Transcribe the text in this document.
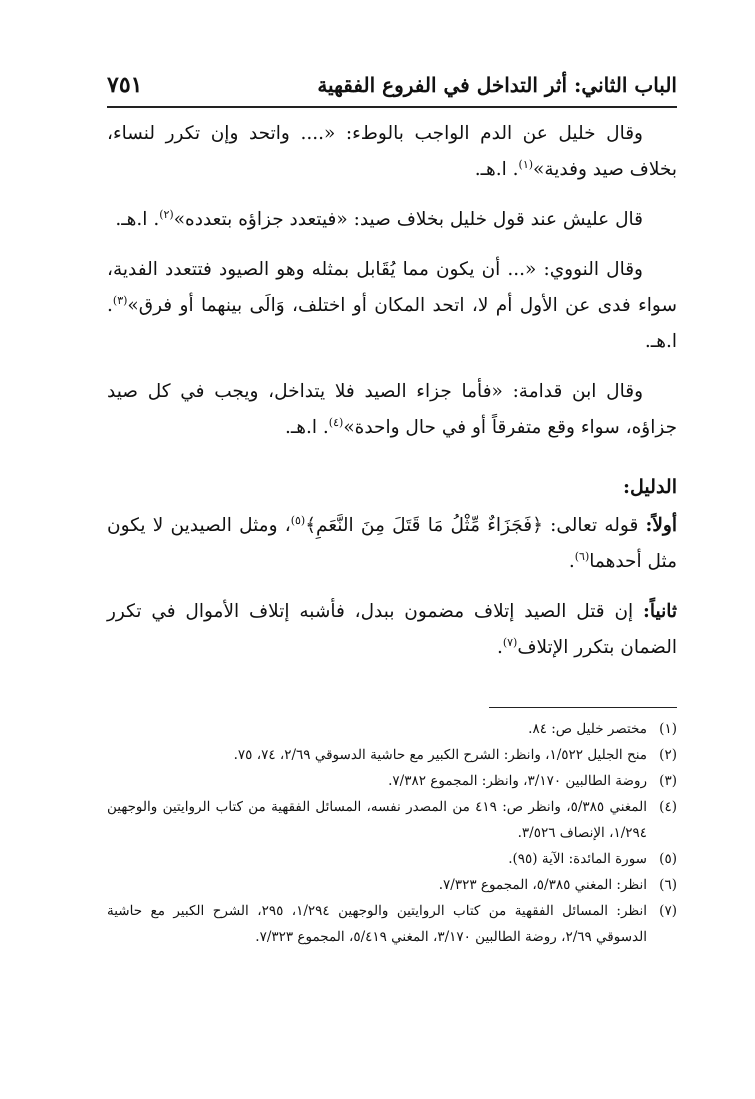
الباب الثاني: أثر التداخل في الفروع الفقهية
٧٥١

وقال خليل عن الدم الواجب بالوطء: «.... واتحد وإن تكرر لنساء، بخلاف صيد وفدية»$^{(١)}$. ا.هـ.

قال عليش عند قول خليل بخلاف صيد: «فيتعدد جزاؤه بتعدده»$^{(٢)}$. ا.هـ.

وقال النووي: «... أن يكون مما يُقَابل بمثله وهو الصيود فتتعدد الفدية، سواء فدى عن الأول أم لا، اتحد المكان أو اختلف، وَالَى بينهما أو فرق»$^{(٣)}$. ا.هـ.

وقال ابن قدامة: «فأما جزاء الصيد فلا يتداخل، ويجب في كل صيد جزاؤه، سواء وقع متفرقاً أو في حال واحدة»$^{(٤)}$. ا.هـ.

الدليل:

أولاً: قوله تعالى: ﴿فَجَزَاءٌ مِّثْلُ مَا قَتَلَ مِنَ النَّعَمِ﴾$^{(٥)}$، ومثل الصيدين لا يكون مثل أحدهما$^{(٦)}$.

ثانياً: إن قتل الصيد إتلاف مضمون ببدل، فأشبه إتلاف الأموال في تكرر الضمان بتكرر الإتلاف$^{(٧)}$.

(١)
مختصر خليل ص: ٨٤.
(٢)
منح الجليل ١/٥٢٢، وانظر: الشرح الكبير مع حاشية الدسوقي ٢/٦٩، ٧٤، ٧٥.
(٣)
روضة الطالبين ٣/١٧٠، وانظر: المجموع ٧/٣٨٢.
(٤)
المغني ٥/٣٨٥، وانظر ص: ٤١٩ من المصدر نفسه، المسائل الفقهية من كتاب الروايتين والوجهين ١/٢٩٤، الإنصاف ٣/٥٢٦.
(٥)
سورة المائدة: الآية (٩٥).
(٦)
انظر: المغني ٥/٣٨٥، المجموع ٧/٣٢٣.
(٧)
انظر: المسائل الفقهية من كتاب الروايتين والوجهين ١/٢٩٤، ٢٩٥، الشرح الكبير مع حاشية الدسوقي ٢/٦٩، روضة الطالبين ٣/١٧٠، المغني ٥/٤١٩، المجموع ٧/٣٢٣.
